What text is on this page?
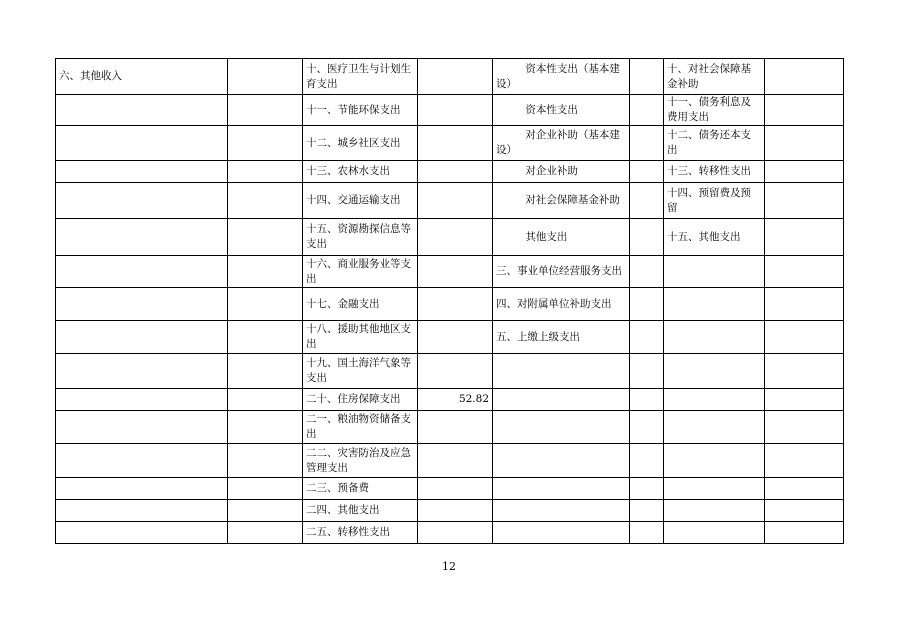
六、其他收入		十、医疗卫生与计划生育支出		资本性支出（基本建设）		十、对社会保障基金补助	
		十一、节能环保支出		资本性支出		十一、债务利息及费用支出	
		十二、城乡社区支出		对企业补助（基本建设）		十二、债务还本支出	
		十三、农林水支出		对企业补助		十三、转移性支出	
		十四、交通运输支出		对社会保障基金补助		十四、预留费及预留	
		十五、资源勘探信息等支出		其他支出		十五、其他支出	
		十六、商业服务业等支出		三、事业单位经营服务支出			
		十七、金融支出		四、对附属单位补助支出			
		十八、援助其他地区支出		五、上缴上级支出			
		十九、国土海洋气象等支出					
		二十、住房保障支出	52.82				
		二一、粮油物资储备支出					
		二二、灾害防治及应急管理支出					
		二三、预备费					
		二四、其他支出					
		二五、转移性支出					
12
